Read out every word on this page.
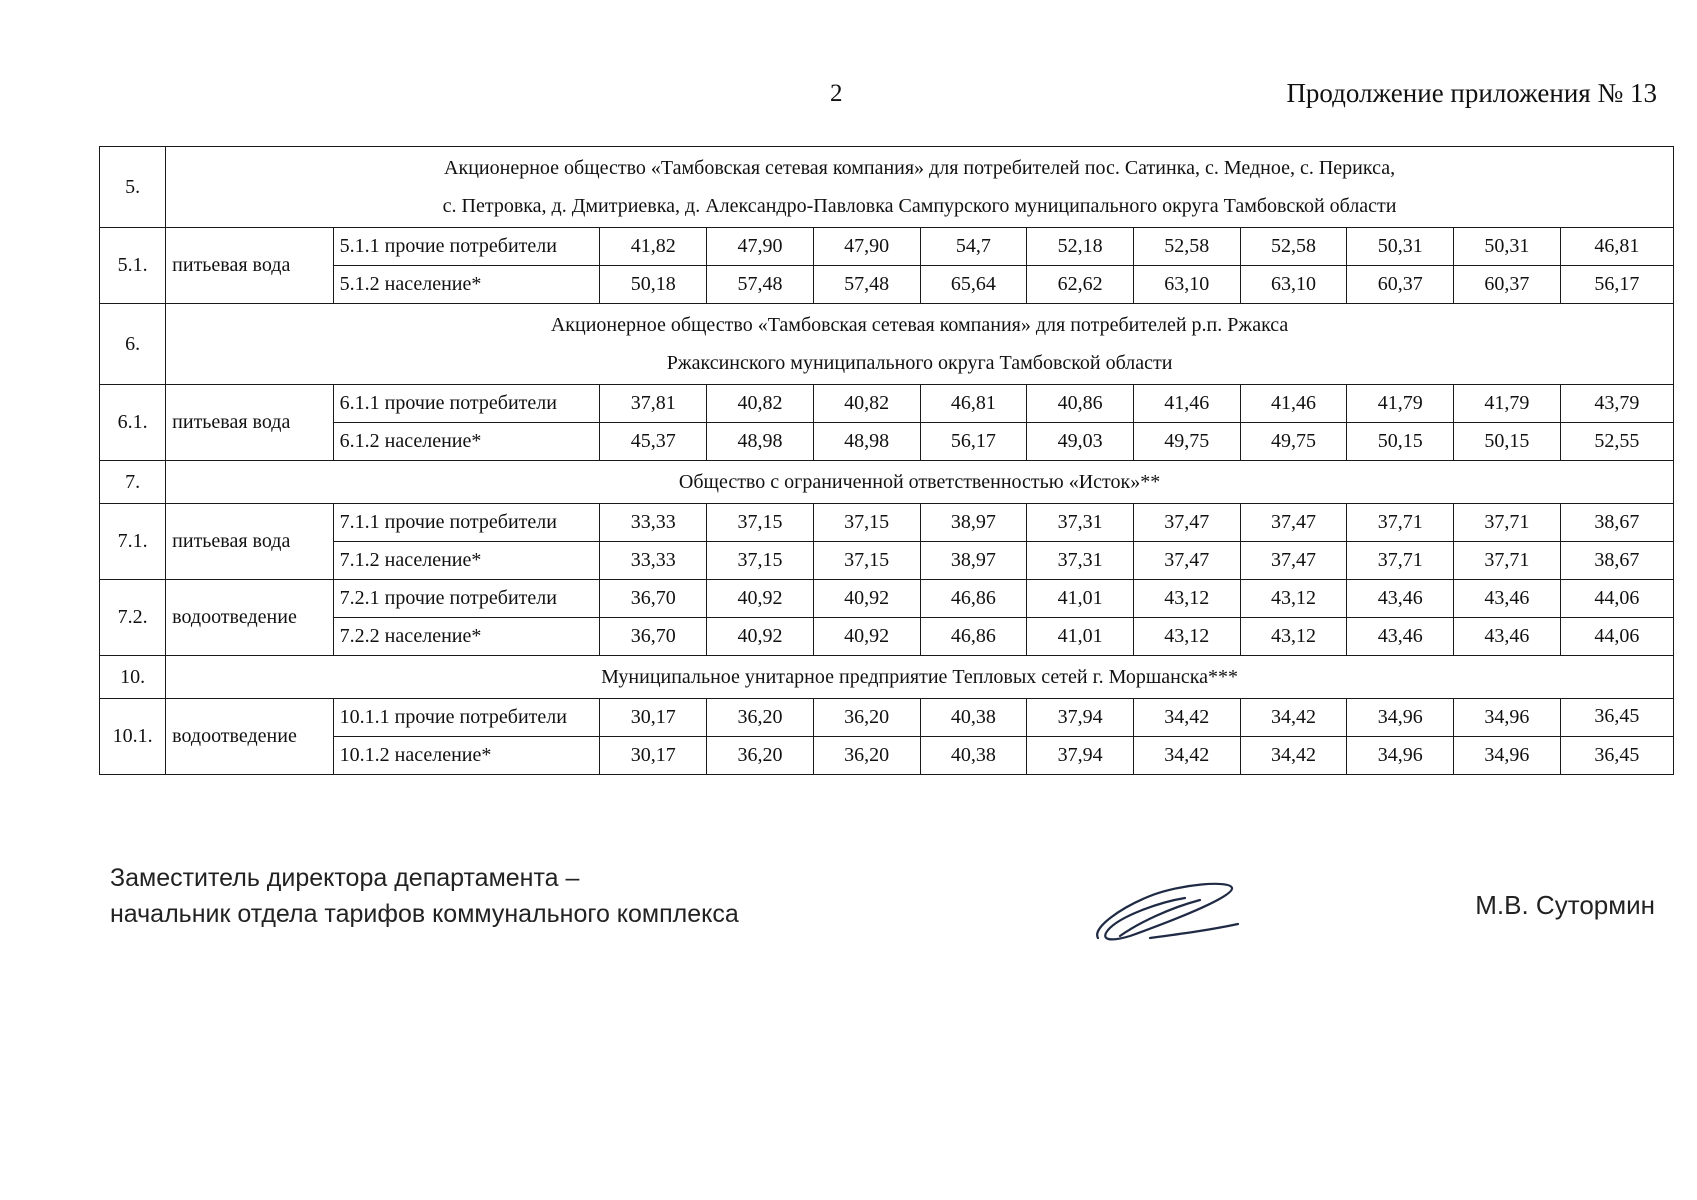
2	Продолжение приложения № 13
5.	Акционерное общество «Тамбовская сетевая компания» для потребителей пос. Сатинка, с. Медное, с. Перикса,
с. Петровка, д. Дмитриевка, д. Александро-Павловка Сампурского муниципального округа Тамбовской области											

5.1.	питьевая вода	5.1.1 прочие потребители	41,82	47,90	47,90	54,7	52,18	52,58	52,58	50,31	50,31	46,81
		5.1.2 население*	50,18	57,48	57,48	65,64	62,62	63,10	63,10	60,37	60,37	56,17
6.	Акционерное общество «Тамбовская сетевая компания» для потребителей р.п. Ржакса
Ржаксинского муниципального округа Тамбовской области											

6.1.	питьевая вода	6.1.1 прочие потребители	37,81	40,82	40,82	46,81	40,86	41,46	41,46	41,79	41,79	43,79
		6.1.2 население*	45,37	48,98	48,98	56,17	49,03	49,75	49,75	50,15	50,15	52,55
7.	Общество с ограниченной ответственностью «Исток»**											

7.1.	питьевая вода	7.1.1 прочие потребители	33,33	37,15	37,15	38,97	37,31	37,47	37,47	37,71	37,71	38,67
		7.1.2 население*	33,33	37,15	37,15	38,97	37,31	37,47	37,47	37,71	37,71	38,67
7.2.	водоотведение	7.2.1 прочие потребители	36,70	40,92	40,92	46,86	41,01	43,12	43,12	43,46	43,46	44,06
		7.2.2 население*	36,70	40,92	40,92	46,86	41,01	43,12	43,12	43,46	43,46	44,06
10.	Муниципальное унитарное предприятие Тепловых сетей г. Моршанска***											

10.1.	водоотведение	10.1.1 прочие потребители	30,17	36,20	36,20	40,38	37,94	34,42	34,42	34,96	34,96	36,45
		10.1.2 население*	30,17	36,20	36,20	40,38	37,94	34,42	34,42	34,96	34,96	36,45
Заместитель директора департамента –
начальник отдела тарифов коммунального комплекса	М.В. Сутормин
